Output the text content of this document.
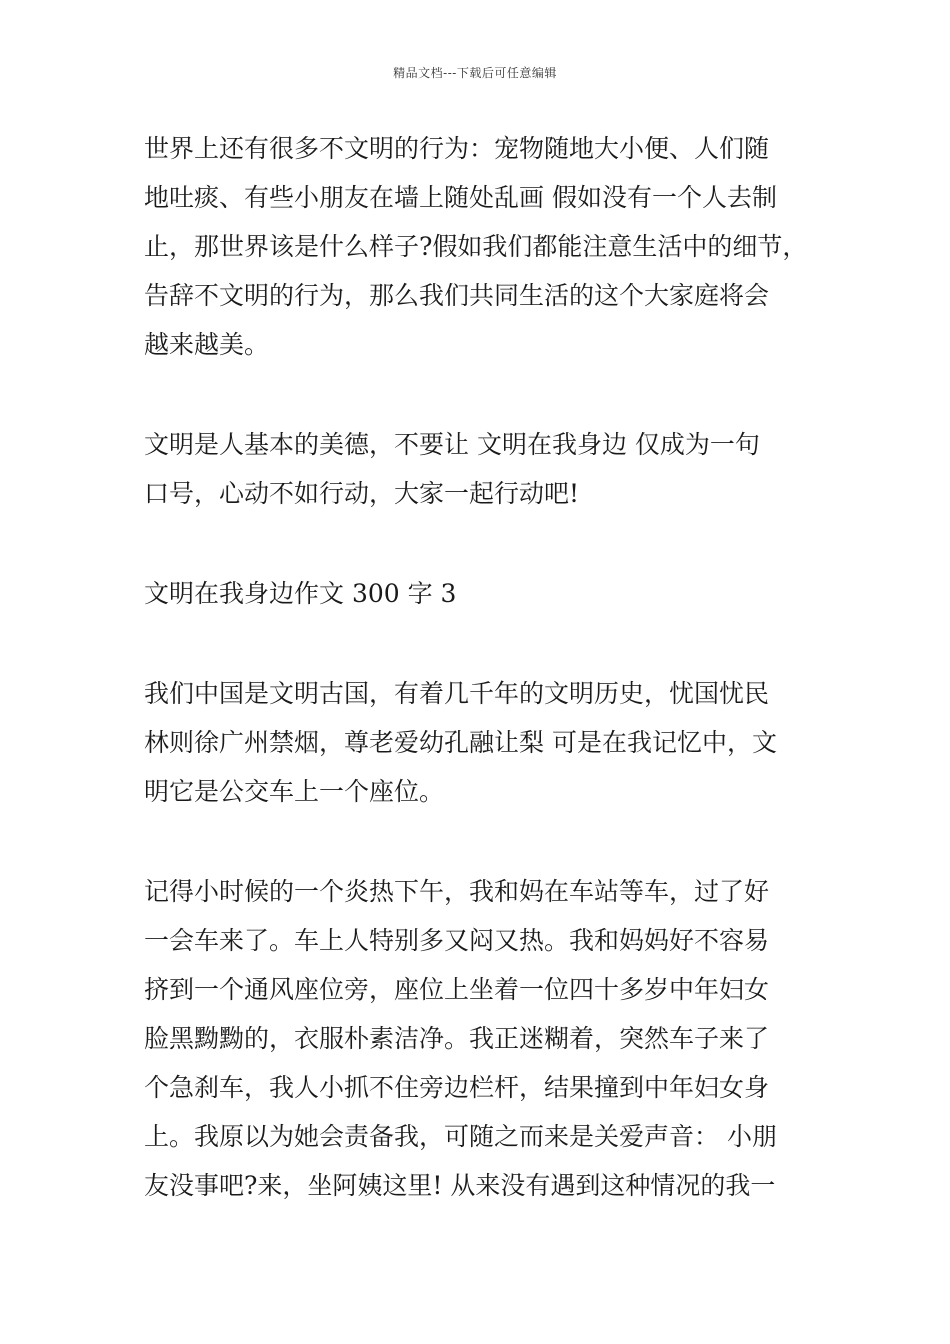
精品文档---下载后可任意编辑

世界上还有很多不文明的行为：宠物随地大小便、人们随
地吐痰、有些小朋友在墙上随处乱画 假如没有一个人去制
止，那世界该是什么样子?假如我们都能注意生活中的细节，
告辞不文明的行为，那么我们共同生活的这个大家庭将会
越来越美。

文明是人基本的美德，不要让 文明在我身边 仅成为一句
口号，心动不如行动，大家一起行动吧!

文明在我身边作文 300 字 3

我们中国是文明古国，有着几千年的文明历史，忧国忧民
林则徐广州禁烟，尊老爱幼孔融让梨 可是在我记忆中，文
明它是公交车上一个座位。

记得小时候的一个炎热下午，我和妈在车站等车，过了好
一会车来了。车上人特别多又闷又热。我和妈妈好不容易
挤到一个通风座位旁，座位上坐着一位四十多岁中年妇女
脸黑黝黝的，衣服朴素洁净。我正迷糊着，突然车子来了
个急刹车，我人小抓不住旁边栏杆，结果撞到中年妇女身
上。我原以为她会责备我，可随之而来是关爱声音： 小朋
友没事吧?来，坐阿姨这里! 从来没有遇到这种情况的我一
